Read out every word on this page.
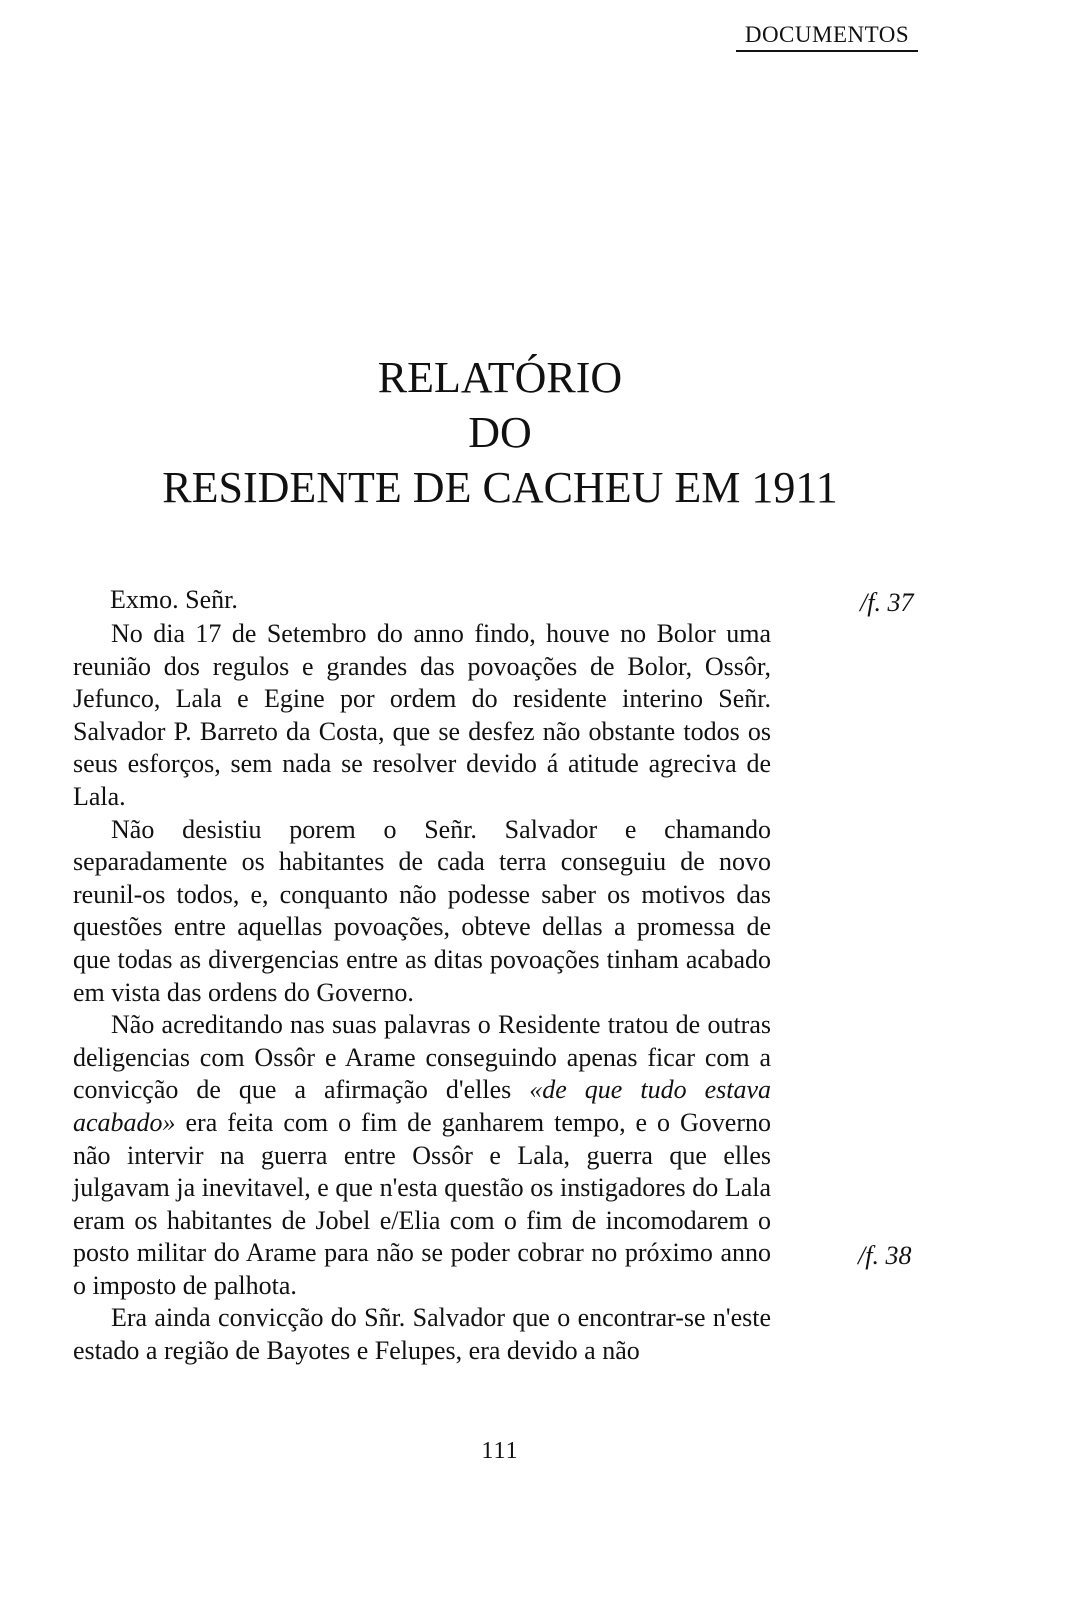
DOCUMENTOS
RELATÓRIO
DO
RESIDENTE DE CACHEU EM 1911
Exmo. Señr.	/f. 37
/f. 38

No dia 17 de Setembro do anno findo, houve no Bolor uma reunião dos regulos e grandes das povoações de Bolor, Ossôr, Jefunco, Lala e Egine por ordem do residente interino Señr. Salvador P. Barreto da Costa, que se desfez não obstante todos os seus esforços, sem nada se resolver devido á atitude agreciva de Lala.

Não desistiu porem o Señr. Salvador e chamando separadamente os habitantes de cada terra conseguiu de novo reunil-os todos, e, conquanto não podesse saber os motivos das questões entre aquellas povoações, obteve dellas a promessa de que todas as divergencias entre as ditas povoações tinham acabado em vista das ordens do Governo.

Não acreditando nas suas palavras o Residente tratou de outras deligencias com Ossôr e Arame conseguindo apenas ficar com a convicção de que a afirmação d'elles «de que tudo estava acabado» era feita com o fim de ganharem tempo, e o Governo não intervir na guerra entre Ossôr e Lala, guerra que elles julgavam ja inevitavel, e que n'esta questão os instigadores do Lala eram os habitantes de Jobel e/Elia com o fim de incomodarem o posto militar do Arame para não se poder cobrar no próximo anno o imposto de palhota.

Era ainda convicção do Sñr. Salvador que o encontrar-se n'este estado a região de Bayotes e Felupes, era devido a não

111
